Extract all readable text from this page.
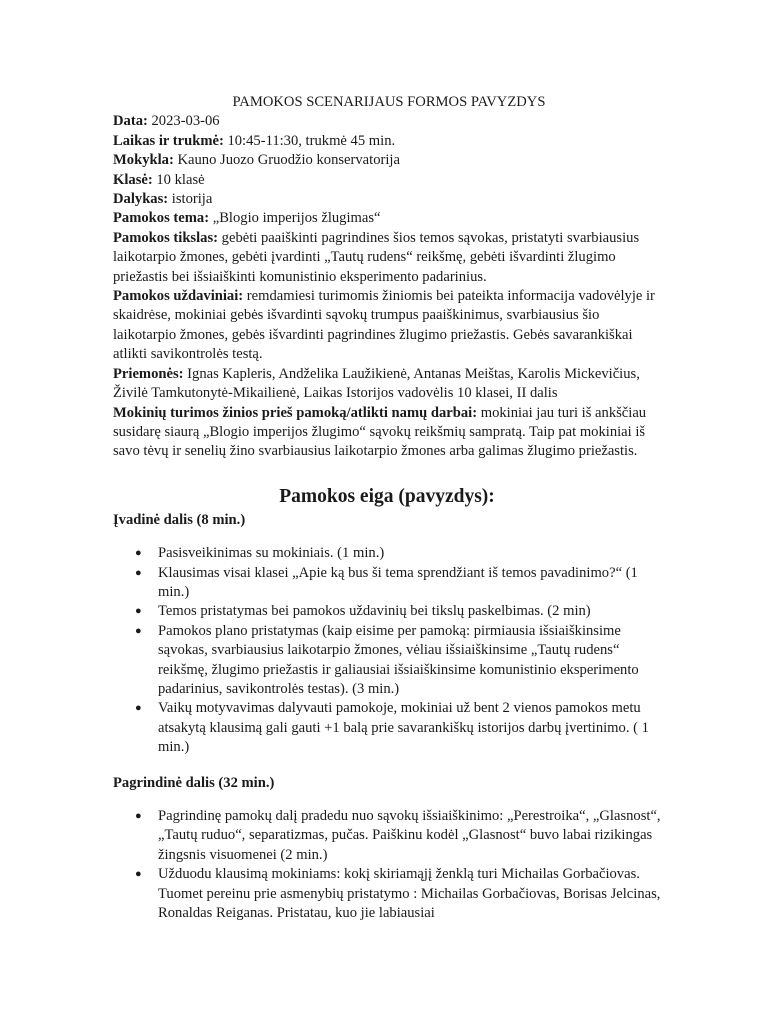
PAMOKOS SCENARIJAUS FORMOS PAVYZDYS

Data: 2023-03-06

Laikas ir trukmė: 10:45-11:30, trukmė 45 min.

Mokykla: Kauno Juozo Gruodžio konservatorija

Klasė: 10 klasė

Dalykas: istorija

Pamokos tema: „Blogio imperijos žlugimas“

Pamokos tikslas: gebėti paaiškinti pagrindines šios temos sąvokas, pristatyti svarbiausius laikotarpio žmones, gebėti įvardinti „Tautų rudens“ reikšmę, gebėti išvardinti žlugimo priežastis bei išsiaiškinti komunistinio eksperimento padarinius.

Pamokos uždaviniai: remdamiesi turimomis žiniomis bei pateikta informacija vadovėlyje ir skaidrėse, mokiniai gebės išvardinti sąvokų trumpus paaiškinimus, svarbiausius šio laikotarpio žmones, gebės išvardinti pagrindines žlugimo priežastis. Gebės savarankiškai atlikti savikontrolės testą.

Priemonės: Ignas Kapleris, Andželika Laužikienė, Antanas Meištas, Karolis Mickevičius, Živilė Tamkutonytė-Mikailienė, Laikas Istorijos vadovėlis 10 klasei, II dalis

Mokinių turimos žinios prieš pamoką/atlikti namų darbai: mokiniai jau turi iš ankščiau susidarę siaurą „Blogio imperijos žlugimo“ sąvokų reikšmių sampratą. Taip pat mokiniai iš savo tėvų ir senelių žino svarbiausius laikotarpio žmones arba galimas žlugimo priežastis.

Pamokos eiga (pavyzdys):

Įvadinė dalis (8 min.)

● Pasisveikinimas su mokiniais. (1 min.)
● Klausimas visai klasei „Apie ką bus ši tema sprendžiant iš temos pavadinimo?“ (1 min.)
● Temos pristatymas bei pamokos uždavinių bei tikslų paskelbimas. (2 min)
● Pamokos plano pristatymas (kaip eisime per pamoką: pirmiausia išsiaiškinsime sąvokas, svarbiausius laikotarpio žmones, vėliau išsiaiškinsime „Tautų rudens“ reikšmę, žlugimo priežastis ir galiausiai išsiaiškinsime komunistinio eksperimento padarinius, savikontrolės testas). (3 min.)
● Vaikų motyvavimas dalyvauti pamokoje, mokiniai už bent 2 vienos pamokos metu atsakytą klausimą gali gauti +1 balą prie savarankiškų istorijos darbų įvertinimo. ( 1 min.)

Pagrindinė dalis (32 min.)

● Pagrindinę pamokų dalį pradedu nuo sąvokų išsiaiškinimo: „Perestroika“, „Glasnost“, „Tautų ruduo“, separatizmas, pučas. Paiškinu kodėl „Glasnost“ buvo labai rizikingas žingsnis visuomenei (2 min.)
● Užduodu klausimą mokiniams: kokį skiriamąjį ženklą turi Michailas Gorbačiovas. Tuomet pereinu prie asmenybių pristatymo : Michailas Gorbačiovas, Borisas Jelcinas, Ronaldas Reiganas. Pristatau, kuo jie labiausiai
